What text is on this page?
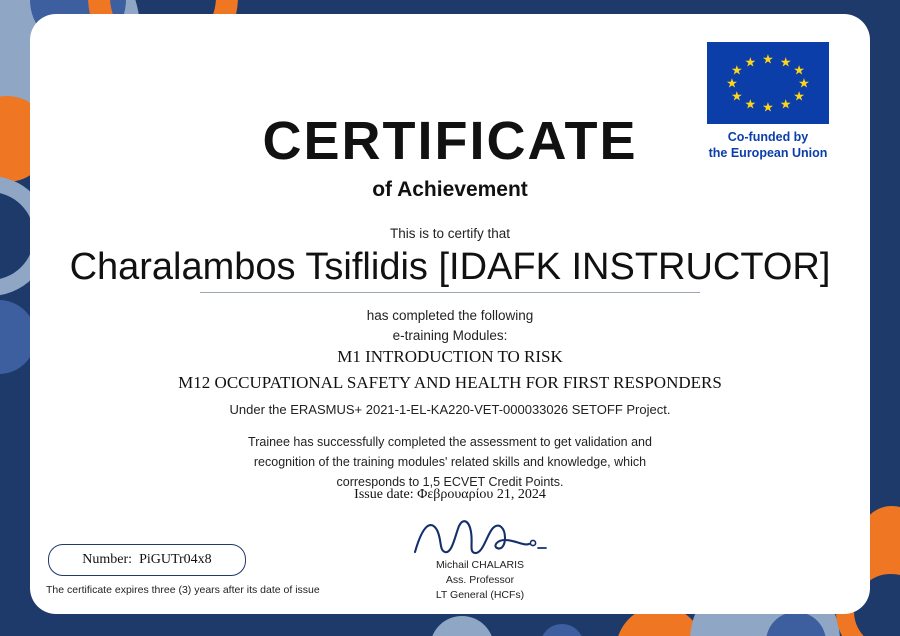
★ ★
★
★
★
★
★
★
★
★
★
★
Co-funded by
the European Union
CERTIFICATE
of Achievement
This is to certify that
Charalambos Tsiflidis [IDAFK INSTRUCTOR]
has completed the following
e-training Modules:
M1 INTRODUCTION TO RISK
M12 OCCUPATIONAL SAFETY AND HEALTH FOR FIRST RESPONDERS
Under the ERASMUS+ 2021-1-EL-KA220-VET-000033026 SETOFF Project.
Trainee has successfully completed the assessment to get validation and
recognition of the training modules' related skills and knowledge, which
corresponds to 1,5 ECVET Credit Points.
Issue date: Φεβρουαρίου 21, 2024
Michail CHALARIS
Ass. Professor
LT General (HCFs)
Number: PiGUTr04x8
The certificate expires three (3) years after its date of issue
